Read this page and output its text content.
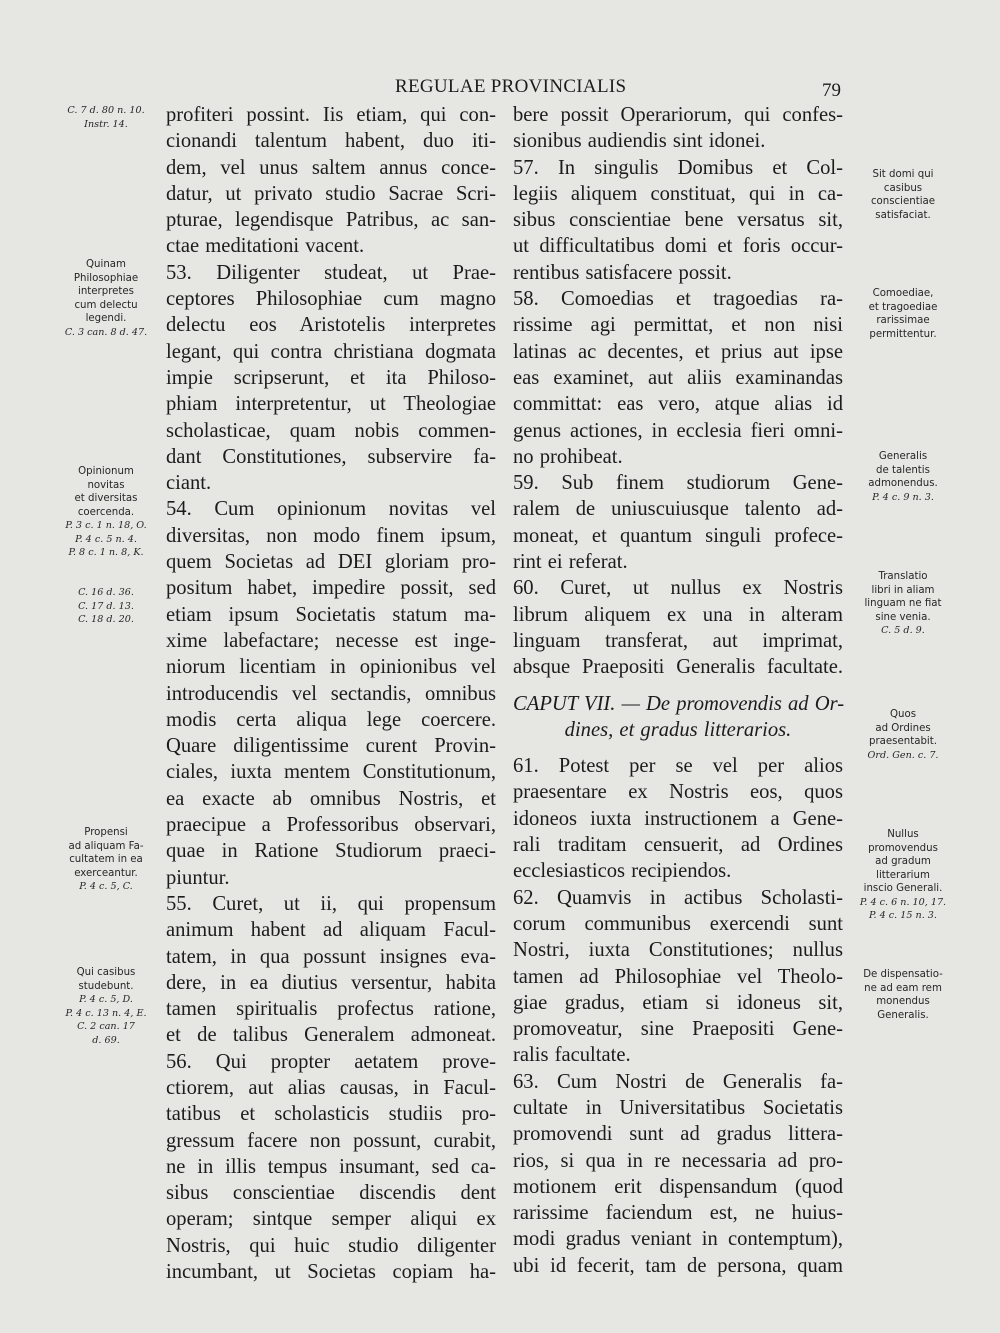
REGULAE PROVINCIALIS	79
profiteri possint. Iis etiam, qui con-
cionandi talentum habent, duo iti-
dem, vel unus saltem annus conce-
datur, ut privato studio Sacrae Scri-
pturae, legendisque Patribus, ac san-
ctae meditationi vacent.
53. Diligenter studeat, ut Prae-
ceptores Philosophiae cum magno
delectu eos Aristotelis interpretes
legant, qui contra christiana dogmata
impie scripserunt, et ita Philoso-
phiam interpretentur, ut Theologiae
scholasticae, quam nobis commen-
dant Constitutiones, subservire fa-
ciant.
54. Cum opinionum novitas vel
diversitas, non modo finem ipsum,
quem Societas ad DEI gloriam pro-
positum habet, impedire possit, sed
etiam ipsum Societatis statum ma-
xime labefactare; necesse est inge-
niorum licentiam in opinionibus vel
introducendis vel sectandis, omnibus
modis certa aliqua lege coercere.
Quare diligentissime curent Provin-
ciales, iuxta mentem Constitutionum,
ea exacte ab omnibus Nostris, et
praecipue a Professoribus observari,
quae in Ratione Studiorum praeci-
piuntur.
55. Curet, ut ii, qui propensum
animum habent ad aliquam Facul-
tatem, in qua possunt insignes eva-
dere, in ea diutius versentur, habita
tamen spiritualis profectus ratione,
et de talibus Generalem admoneat.
56. Qui propter aetatem prove-
ctiorem, aut alias causas, in Facul-
tatibus et scholasticis studiis pro-
gressum facere non possunt, curabit,
ne in illis tempus insumant, sed ca-
sibus conscientiae discendis dent
operam; sintque semper aliqui ex
Nostris, qui huic studio diligenter
incumbant, ut Societas copiam ha-
bere possit Operariorum, qui confes-
sionibus audiendis sint idonei.
57. In singulis Domibus et Col-
legiis aliquem constituat, qui in ca-
sibus conscientiae bene versatus sit,
ut difficultatibus domi et foris occur-
rentibus satisfacere possit.
58. Comoedias et tragoedias ra-
rissime agi permittat, et non nisi
latinas ac decentes, et prius aut ipse
eas examinet, aut aliis examinandas
committat: eas vero, atque alias id
genus actiones, in ecclesia fieri omni-
no prohibeat.
59. Sub finem studiorum Gene-
ralem de uniuscuiusque talento ad-
moneat, et quantum singuli profece-
rint ei referat.
60. Curet, ut nullus ex Nostris
librum aliquem ex una in alteram
linguam transferat, aut imprimat,
absque Praepositi Generalis facultate.
CAPUT VII. — De promovendis ad Or-
dines, et gradus litterarios.
61. Potest per se vel per alios
praesentare ex Nostris eos, quos
idoneos iuxta instructionem a Gene-
rali traditam censuerit, ad Ordines
ecclesiasticos recipiendos.
62. Quamvis in actibus Scholasti-
corum communibus exercendi sunt
Nostri, iuxta Constitutiones; nullus
tamen ad Philosophiae vel Theolo-
giae gradus, etiam si idoneus sit,
promoveatur, sine Praepositi Gene-
ralis facultate.
63. Cum Nostri de Generalis fa-
cultate in Universitatibus Societatis
promovendi sunt ad gradus littera-
rios, si qua in re necessaria ad pro-
motionem erit dispensandum (quod
rarissime faciendum est, ne huius-
modi gradus veniant in contemptum),
ubi id fecerit, tam de persona, quam
C. 7 d. 80 n. 10.
Instr. 14.
Quinam
Philosophiae
interpretes
cum delectu
legendi.
C. 3 can. 8 d. 47.
Opinionum
novitas
et diversitas
coercenda.
P. 3 c. 1 n. 18, O.
P. 4 c. 5 n. 4.
P. 8 c. 1 n. 8, K.
C. 16 d. 36.
C. 17 d. 13.
C. 18 d. 20.
Propensi
ad aliquam Fa-
cultatem in ea
exerceantur.
P. 4 c. 5, C.
Qui casibus
studebunt.
P. 4 c. 5, D.
P. 4 c. 13 n. 4, E.
C. 2 can. 17
d. 69.
Sit domi qui
casibus
conscientiae
satisfaciat.
Comoediae,
et tragoediae
rarissimae
permittentur.
Generalis
de talentis
admonendus.
P. 4 c. 9 n. 3.
Translatio
libri in aliam
linguam ne fiat
sine venia.
C. 5 d. 9.
Quos
ad Ordines
praesentabit.
Ord. Gen. c. 7.
Nullus
promovendus
ad gradum
litterarium
inscio Generali.
P. 4 c. 6 n. 10, 17.
P. 4 c. 15 n. 3.
De dispensatio-
ne ad eam rem
monendus
Generalis.
